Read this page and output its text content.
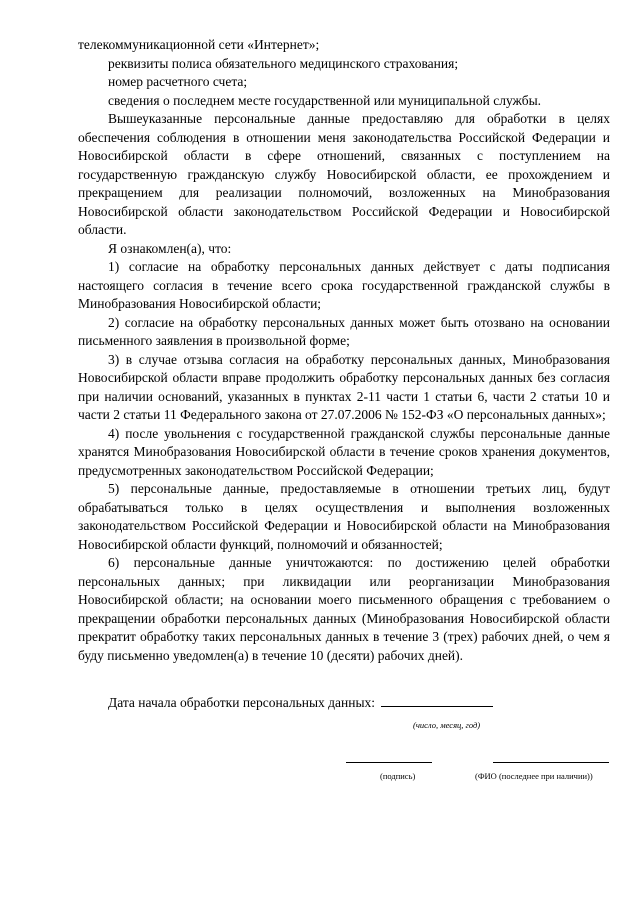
телекоммуникационной сети «Интернет»;

реквизиты полиса обязательного медицинского страхования;

номер расчетного счета;

сведения о последнем месте государственной или муниципальной службы.

Вышеуказанные персональные данные предоставляю для обработки в целях обеспечения соблюдения в отношении меня законодательства Российской Федерации и Новосибирской области в сфере отношений, связанных с поступлением на государственную гражданскую службу Новосибирской области, ее прохождением и прекращением для реализации полномочий, возложенных на Минобразования Новосибирской области законодательством Российской Федерации и Новосибирской области.

Я ознакомлен(а), что:

1) согласие на обработку персональных данных действует с даты подписания настоящего согласия в течение всего срока государственной гражданской службы в Минобразования Новосибирской области;

2) согласие на обработку персональных данных может быть отозвано на основании письменного заявления в произвольной форме;

3) в случае отзыва согласия на обработку персональных данных, Минобразования Новосибирской области вправе продолжить обработку персональных данных без согласия при наличии оснований, указанных в пунктах 2-11 части 1 статьи 6, части 2 статьи 10 и части 2 статьи 11 Федерального закона от 27.07.2006 № 152-ФЗ «О персональных данных»;

4) после увольнения с государственной гражданской службы персональные данные хранятся Минобразования Новосибирской области в течение сроков хранения документов, предусмотренных законодательством Российской Федерации;

5) персональные данные, предоставляемые в отношении третьих лиц, будут обрабатываться только в целях осуществления и выполнения возложенных законодательством Российской Федерации и Новосибирской области на Минобразования Новосибирской области функций, полномочий и обязанностей;

6) персональные данные уничтожаются: по достижению целей обработки персональных данных; при ликвидации или реорганизации Минобразования Новосибирской области; на основании моего письменного обращения с требованием о прекращении обработки персональных данных (Минобразования Новосибирской области прекратит обработку таких персональных данных в течение 3 (трех) рабочих дней, о чем я буду письменно уведомлен(а) в течение 10 (десяти) рабочих дней).

Дата начала обработки персональных данных:
(число, месяц, год)
(подпись)	(ФИО (последнее при наличии))
